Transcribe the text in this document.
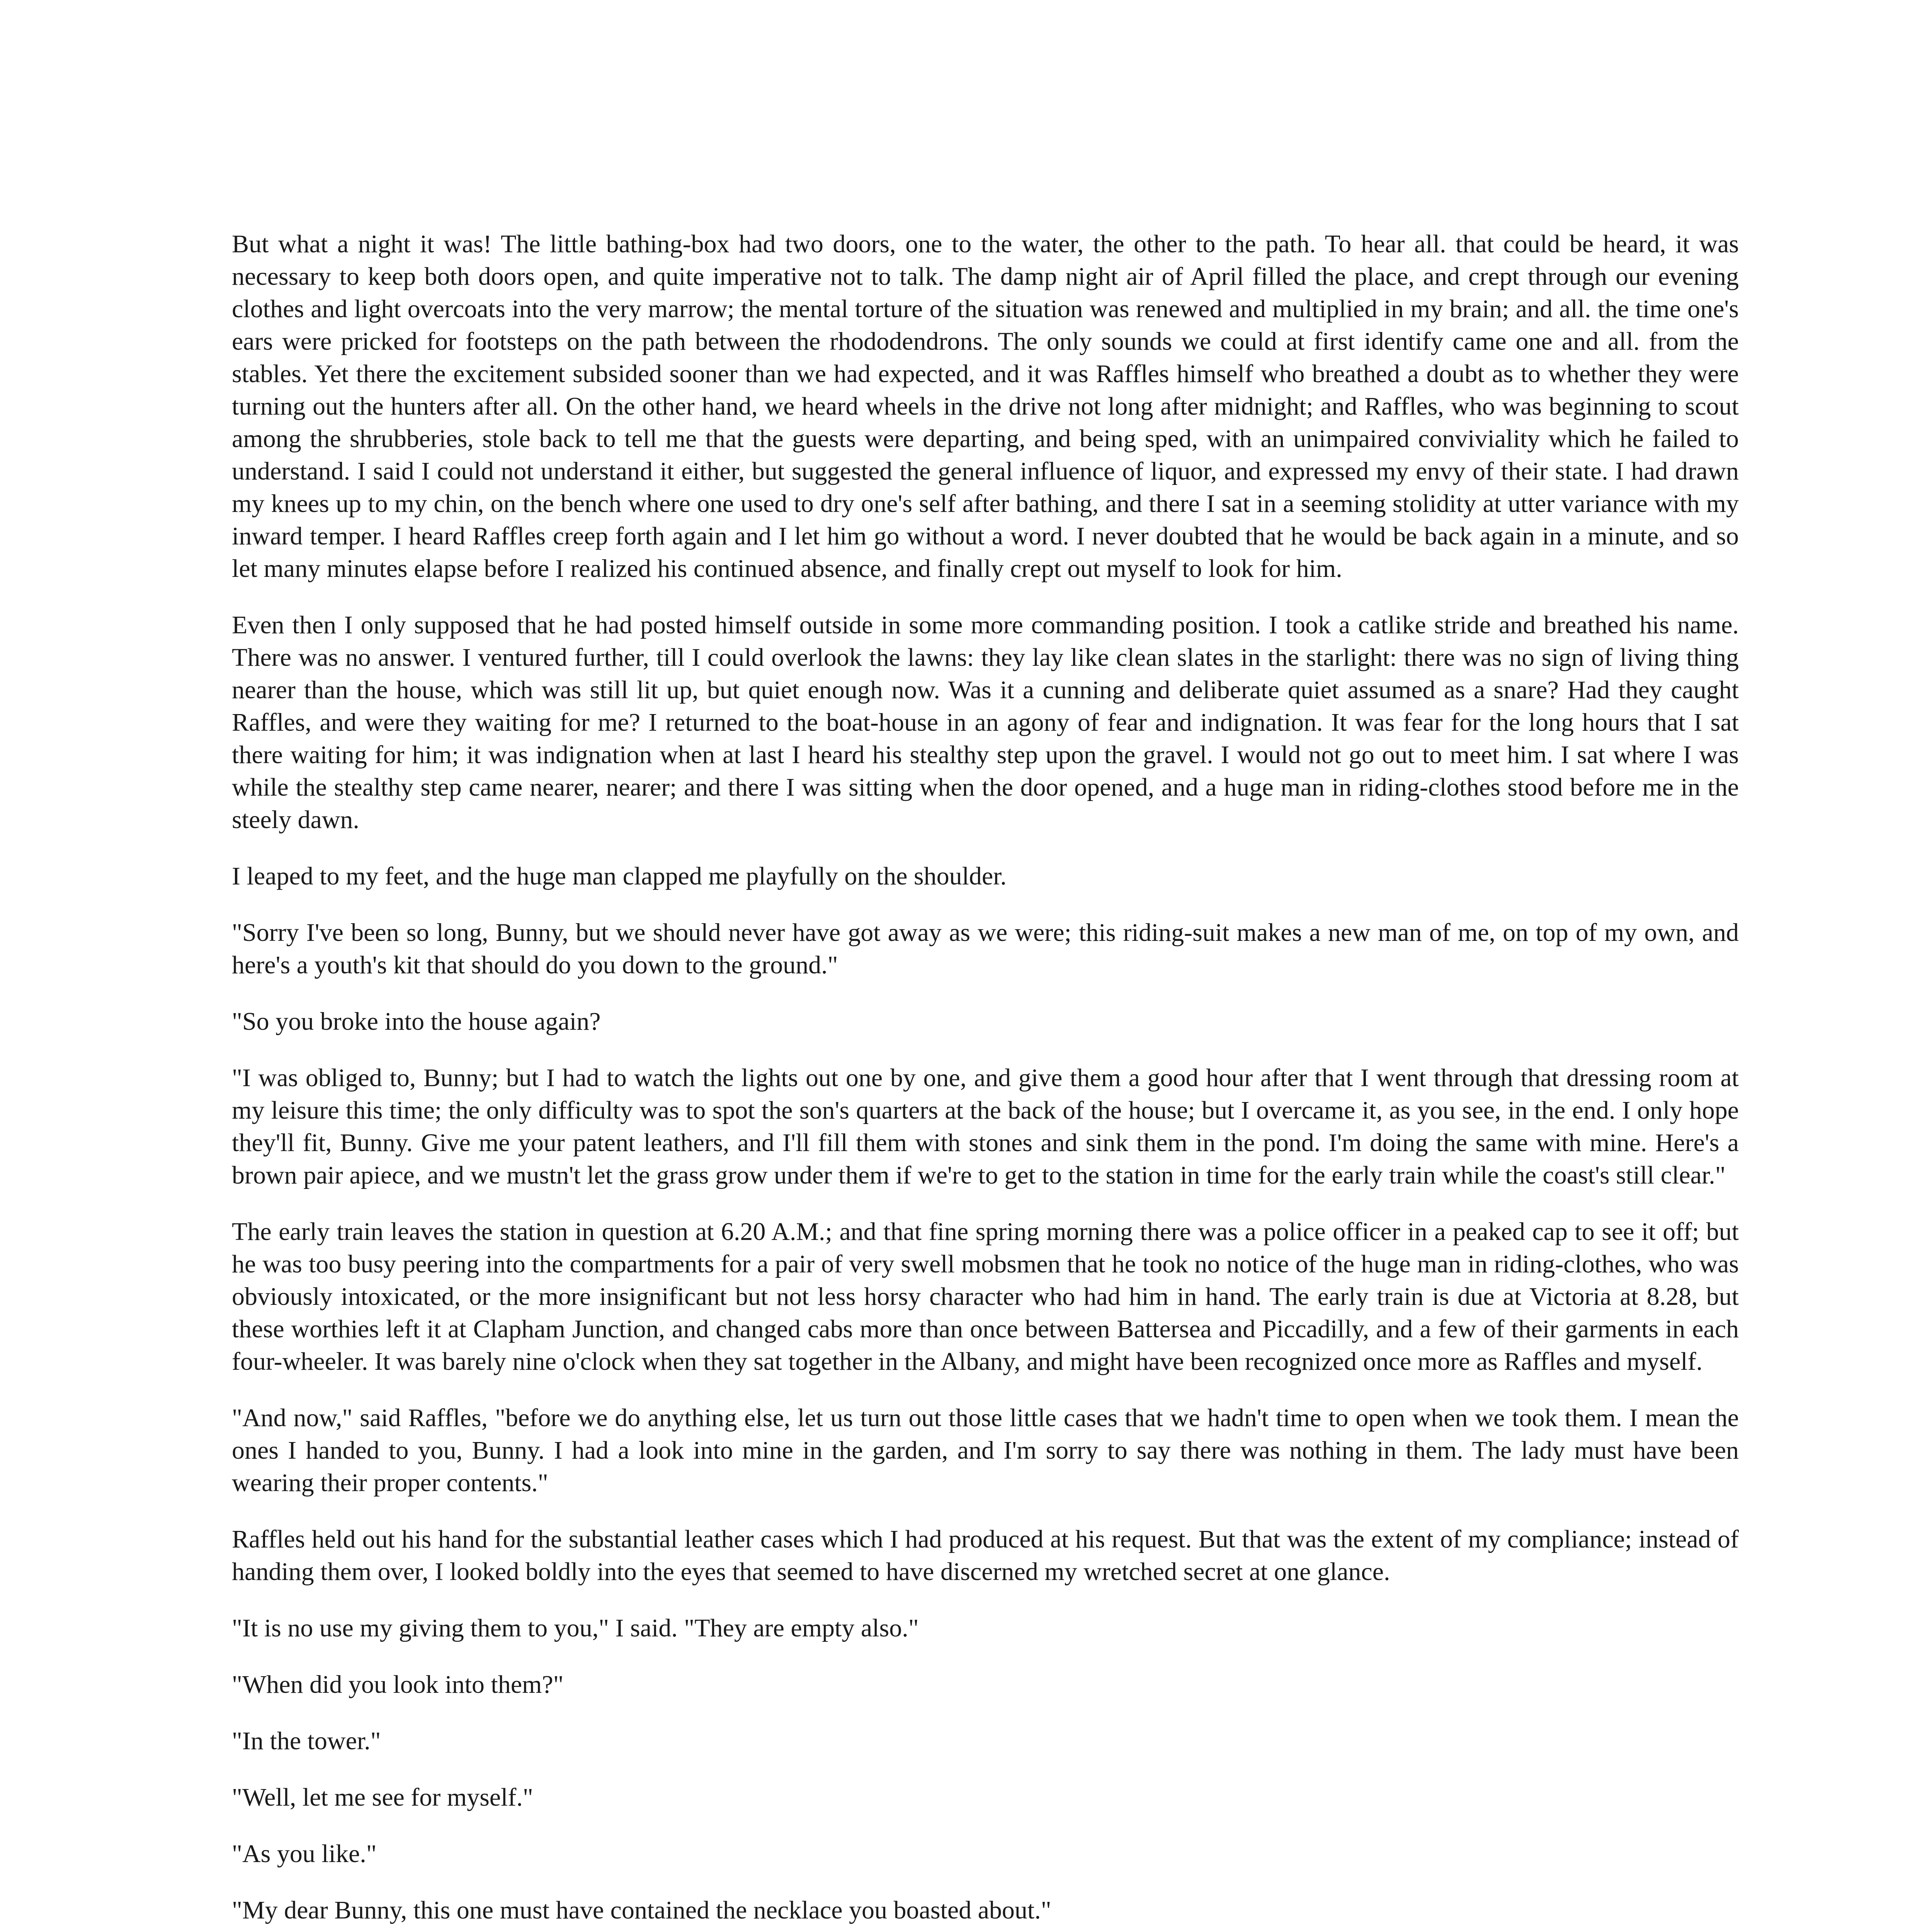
But what a night it was! The little bathing-box had two doors, one to the water, the other to the path. To hear all. that could be heard, it was necessary to keep both doors open, and quite imperative not to talk. The damp night air of April filled the place, and crept through our evening clothes and light overcoats into the very marrow; the mental torture of the situation was renewed and multiplied in my brain; and all. the time one's ears were pricked for footsteps on the path between the rhododendrons. The only sounds we could at first identify came one and all. from the stables. Yet there the excitement subsided sooner than we had expected, and it was Raffles himself who breathed a doubt as to whether they were turning out the hunters after all. On the other hand, we heard wheels in the drive not long after midnight; and Raffles, who was beginning to scout among the shrubberies, stole back to tell me that the guests were departing, and being sped, with an unimpaired conviviality which he failed to understand. I said I could not understand it either, but suggested the general influence of liquor, and expressed my envy of their state. I had drawn my knees up to my chin, on the bench where one used to dry one's self after bathing, and there I sat in a seeming stolidity at utter variance with my inward temper. I heard Raffles creep forth again and I let him go without a word. I never doubted that he would be back again in a minute, and so let many minutes elapse before I realized his continued absence, and finally crept out myself to look for him.

Even then I only supposed that he had posted himself outside in some more commanding position. I took a catlike stride and breathed his name. There was no answer. I ventured further, till I could overlook the lawns: they lay like clean slates in the starlight: there was no sign of living thing nearer than the house, which was still lit up, but quiet enough now. Was it a cunning and deliberate quiet assumed as a snare? Had they caught Raffles, and were they waiting for me? I returned to the boat-house in an agony of fear and indignation. It was fear for the long hours that I sat there waiting for him; it was indignation when at last I heard his stealthy step upon the gravel. I would not go out to meet him. I sat where I was while the stealthy step came nearer, nearer; and there I was sitting when the door opened, and a huge man in riding-clothes stood before me in the steely dawn.

I leaped to my feet, and the huge man clapped me playfully on the shoulder.

"Sorry I've been so long, Bunny, but we should never have got away as we were; this riding-suit makes a new man of me, on top of my own, and here's a youth's kit that should do you down to the ground."

"So you broke into the house again?

"I was obliged to, Bunny; but I had to watch the lights out one by one, and give them a good hour after that I went through that dressing room at my leisure this time; the only difficulty was to spot the son's quarters at the back of the house; but I overcame it, as you see, in the end. I only hope they'll fit, Bunny. Give me your patent leathers, and I'll fill them with stones and sink them in the pond. I'm doing the same with mine. Here's a brown pair apiece, and we mustn't let the grass grow under them if we're to get to the station in time for the early train while the coast's still clear."

The early train leaves the station in question at 6.20 A.M.; and that fine spring morning there was a police officer in a peaked cap to see it off; but he was too busy peering into the compartments for a pair of very swell mobsmen that he took no notice of the huge man in riding-clothes, who was obviously intoxicated, or the more insignificant but not less horsy character who had him in hand. The early train is due at Victoria at 8.28, but these worthies left it at Clapham Junction, and changed cabs more than once between Battersea and Piccadilly, and a few of their garments in each four-wheeler. It was barely nine o'clock when they sat together in the Albany, and might have been recognized once more as Raffles and myself.

"And now," said Raffles, "before we do anything else, let us turn out those little cases that we hadn't time to open when we took them. I mean the ones I handed to you, Bunny. I had a look into mine in the garden, and I'm sorry to say there was nothing in them. The lady must have been wearing their proper contents."

Raffles held out his hand for the substantial leather cases which I had produced at his request. But that was the extent of my compliance; instead of handing them over, I looked boldly into the eyes that seemed to have discerned my wretched secret at one glance.

"It is no use my giving them to you," I said. "They are empty also."

"When did you look into them?"

"In the tower."

"Well, let me see for myself."

"As you like."

"My dear Bunny, this one must have contained the necklace you boasted about."
